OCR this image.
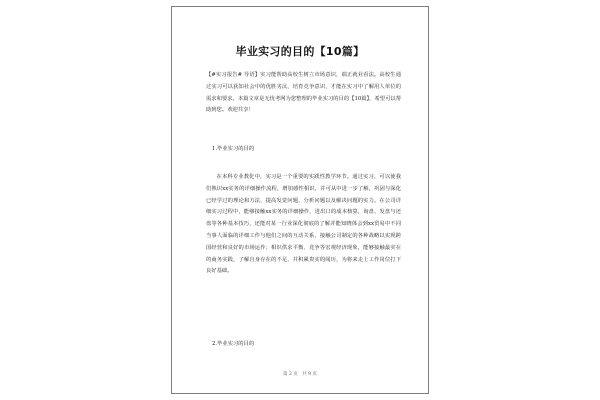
毕业实习的目的【10篇】
【#实习报告# 导语】实习能帮助高校生树立市场意识，端正就业看法。高校生通过实习可以获知社会中的优胜劣汰，培育竞争意识，才能在实习中了解用人单位的需求和要求。本篇文章是无忧考网为您整理的毕业实习的目的【10篇】，希望可以帮助到您。欢迎共享！
1.毕业实习的目的
在本科专业教化中，实习是一个重要的实践性教学环节。通过实习，可以使我们熟识xx实务的详细操作流程，增加感性相识，并可从中进一步了解，巩固与深化已经学过的理论和方法，提高发觉问题、分析问题以及解决问题的实力。在公司详细实习过程中，能够接触xx实务的详细操作，进出口的成本核算，询盘、发盘与还盘等各种基本技巧，还能对某一行业深化彻底的了解并能知晓体会到xx贸易中不同当事人面临的详细工作与他们之间的互动关系，接触公司制定的各种战略以实现跨国经营和良好的市场运作；相识供求平衡、竞争等宏观经济现象，能够接触最实在的商务实践，了解自身存在的不足，并积累贵实的阅历，为将来走上工作岗位打下良好基础。
2.毕业实习的目的
第 2 页　共 9 页
